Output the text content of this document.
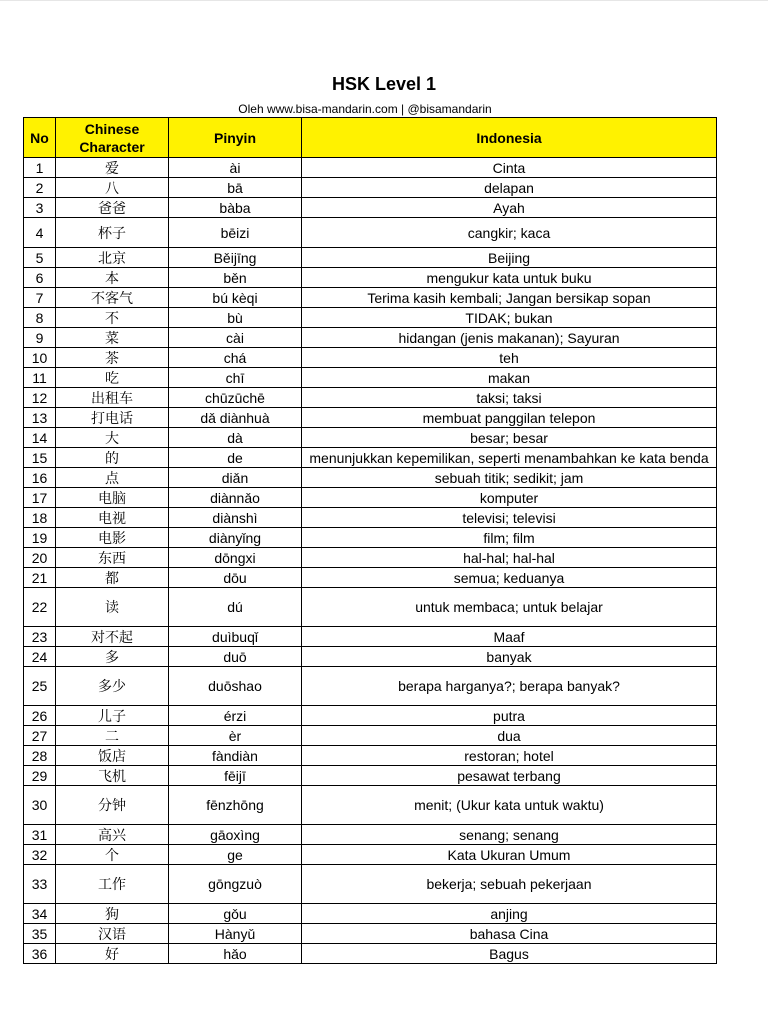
HSK Level 1
Oleh www.bisa-mandarin.com | @bisamandarin
No	Chinese Character	Pinyin	Indonesia
1	爱	ài	Cinta
2	八	bā	delapan
3	爸爸	bàba	Ayah
4	杯子	bēizi	cangkir; kaca
5	北京	Běijīng	Beijing
6	本	běn	mengukur kata untuk buku
7	不客气	bú kèqi	Terima kasih kembali; Jangan bersikap sopan
8	不	bù	TIDAK; bukan
9	菜	cài	hidangan (jenis makanan); Sayuran
10	茶	chá	teh
11	吃	chī	makan
12	出租车	chūzūchē	taksi; taksi
13	打电话	dǎ diànhuà	membuat panggilan telepon
14	大	dà	besar; besar
15	的	de	menunjukkan kepemilikan, seperti menambahkan ke kata benda
16	点	diǎn	sebuah titik; sedikit; jam
17	电脑	diànnǎo	komputer
18	电视	diànshì	televisi; televisi
19	电影	diànyǐng	film; film
20	东西	dōngxi	hal-hal; hal-hal
21	都	dōu	semua; keduanya
22	读	dú	untuk membaca; untuk belajar
23	对不起	duìbuqǐ	Maaf
24	多	duō	banyak
25	多少	duōshao	berapa harganya?; berapa banyak?
26	儿子	érzi	putra
27	二	èr	dua
28	饭店	fàndiàn	restoran; hotel
29	飞机	fēijī	pesawat terbang
30	分钟	fēnzhōng	menit; (Ukur kata untuk waktu)
31	高兴	gāoxìng	senang; senang
32	个	ge	Kata Ukuran Umum
33	工作	gōngzuò	bekerja; sebuah pekerjaan
34	狗	gǒu	anjing
35	汉语	Hànyǔ	bahasa Cina
36	好	hǎo	Bagus
